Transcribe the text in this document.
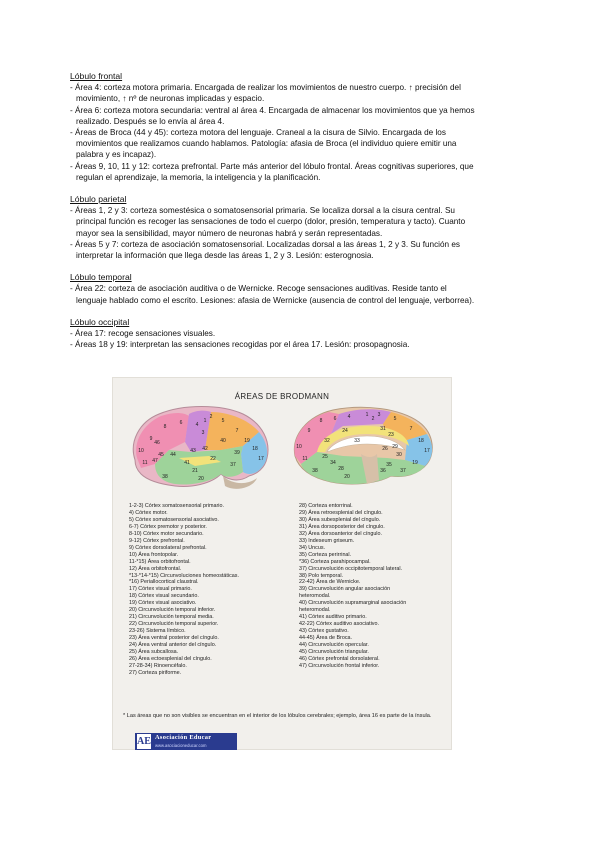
Lóbulo frontal

- Área 4: corteza motora primaria. Encargada de realizar los movimientos de nuestro cuerpo. ↑ precisión del

movimiento, ↑ nº de neuronas implicadas y espacio.

- Área 6: corteza motora secundaria: ventral al área 4. Encargada de almacenar los movimientos que ya hemos

realizado. Después se lo envía al área 4.

- Áreas de Broca (44 y 45): corteza motora del lenguaje. Craneal a la cisura de Silvio. Encargada de los

movimientos que realizamos cuando hablamos. Patología: afasia de Broca (el individuo quiere emitir una

palabra y es incapaz).

- Áreas 9, 10, 11 y 12: corteza prefrontal. Parte más anterior del lóbulo frontal. Áreas cognitivas superiores, que

regulan el aprendizaje, la memoria, la inteligencia y la planificación.

Lóbulo parietal

- Áreas 1, 2 y 3: corteza somestésica o somatosensorial primaria. Se localiza dorsal a la cisura central. Su

principal función es recoger las sensaciones de todo el cuerpo (dolor, presión, temperatura y tacto). Cuanto

mayor sea la sensibilidad, mayor número de neuronas habrá y serán representadas.

- Áreas 5 y 7: corteza de asociación somatosensorial. Localizadas dorsal a las áreas 1, 2 y 3. Su función es

interpretar la información que llega desde las áreas 1, 2 y 3. Lesión: esterognosia.

Lóbulo temporal

- Área 22: corteza de asociación auditiva o de Wernicke. Recoge sensaciones auditivas. Reside tanto el

lenguaje hablado como el escrito. Lesiones: afasia de Wernicke (ausencia de control del lenguaje, verborrea).

Lóbulo occipital

- Área 17: recoge sensaciones visuales.

- Áreas 18 y 19: interpretan las sensaciones recogidas por el área 17. Lesión: prosopagnosia.

ÁREAS DE BRODMANN
4
1
2
3
5
6
7
8
9
10
11
17
18
19
20
21
22
37
38
39
40
41
42
43
44
45
46
47
4	1
2
3
5
6
7
8
9
10
11
17
18
19
20
23
24
25
26
28
29
30
31
32	33
34	35
36	37
38
1-2-3) Córtex somatosensorial primario.
4) Córtex motor.
5) Córtex somatosensorial asociativo.
6-7) Córtex premotor y posterior.
8-10) Córtex motor secundario.
9-12) Córtex prefrontal.
9) Córtex dorsolateral prefrontal.
10) Área frontopolar.
11-*15) Área orbitofrontal.
12) Área orbitofrontal.
*13-*14-*15) Circunvoluciones homeostáticas.
*16) Periallocortical claustral.
17) Córtex visual primario.
18) Córtex visual secundario.
19) Córtex visual asociativo.
20) Circunvolución temporal inferior.
21) Circunvolución temporal media.
22) Circunvolución temporal superior.
23-26) Sistema límbico.
23) Área ventral posterior del cíngulo.
24) Área ventral anterior del cíngulo.
25) Área subcallosa.
26) Área ectoesplenial del cíngulo.
27-28-34) Rinoencéfalo.
27) Corteza piriforme.
28) Corteza entorrinal.
29) Área retroesplenial del cíngulo.
30) Área subesplenial del cíngulo.
31) Área dorsoposterior del cíngulo.
32) Área dorsoanterior del cíngulo.
33) Indeseum griseum.
34) Uncus.
35) Corteza perirrinal.
*36) Corteza parahipocampal.
37) Circunvolución occipitotemporal lateral.
38) Polo temporal.
22-42) Área de Wernicke.
39) Circunvolución angular asociación
heteromodal.
40) Circunvolución supramarginal asociación
heteromodal.
41) Córtex auditivo primario.
42-22) Córtex auditivo asociativo.
43) Córtex gustativo.
44-45) Área de Broca.
44) Circunvolución opercular.
45) Circunvolución triangular.
46) Córtex prefrontal dorsolateral.
47) Circunvolución frontal inferior.
* Las áreas que no son visibles se encuentran en el interior de los lóbulos cerebrales; ejemplo, área 16 es parte de la ínsula.
AE Asociación Educar
www.asociacioneducar.com
